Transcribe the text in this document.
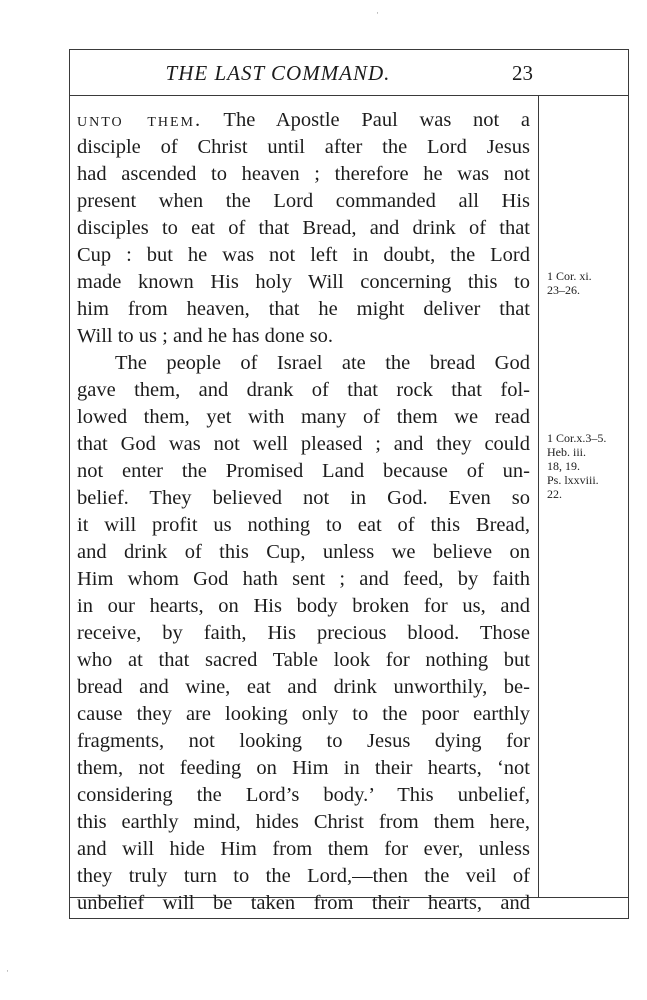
THE LAST COMMAND.	23
unto them. The Apostle Paul was not a
disciple of Christ until after the Lord Jesus
had ascended to heaven ; therefore he was not
present when the Lord commanded all His
disciples to eat of that Bread, and drink of that
Cup : but he was not left in doubt, the Lord
made known His holy Will concerning this to
him from heaven, that he might deliver that
Will to us ; and he has done so.
The people of Israel ate the bread God
gave them, and drank of that rock that fol-
lowed them, yet with many of them we read
that God was not well pleased ; and they could
not enter the Promised Land because of un-
belief. They believed not in God. Even so
it will profit us nothing to eat of this Bread,
and drink of this Cup, unless we believe on
Him whom God hath sent ; and feed, by faith
in our hearts, on His body broken for us, and
receive, by faith, His precious blood. Those
who at that sacred Table look for nothing but
bread and wine, eat and drink unworthily, be-
cause they are looking only to the poor earthly
fragments, not looking to Jesus dying for
them, not feeding on Him in their hearts, ‘not
considering the Lord’s body.’ This unbelief,
this earthly mind, hides Christ from them here,
and will hide Him from them for ever, unless
they truly turn to the Lord,—then the veil of
unbelief will be taken from their hearts, and
1 Cor. xi.
23–26.
1 Cor.x.3–5.
Heb. iii.
18, 19.
Ps. lxxviii.
22.
·
·
